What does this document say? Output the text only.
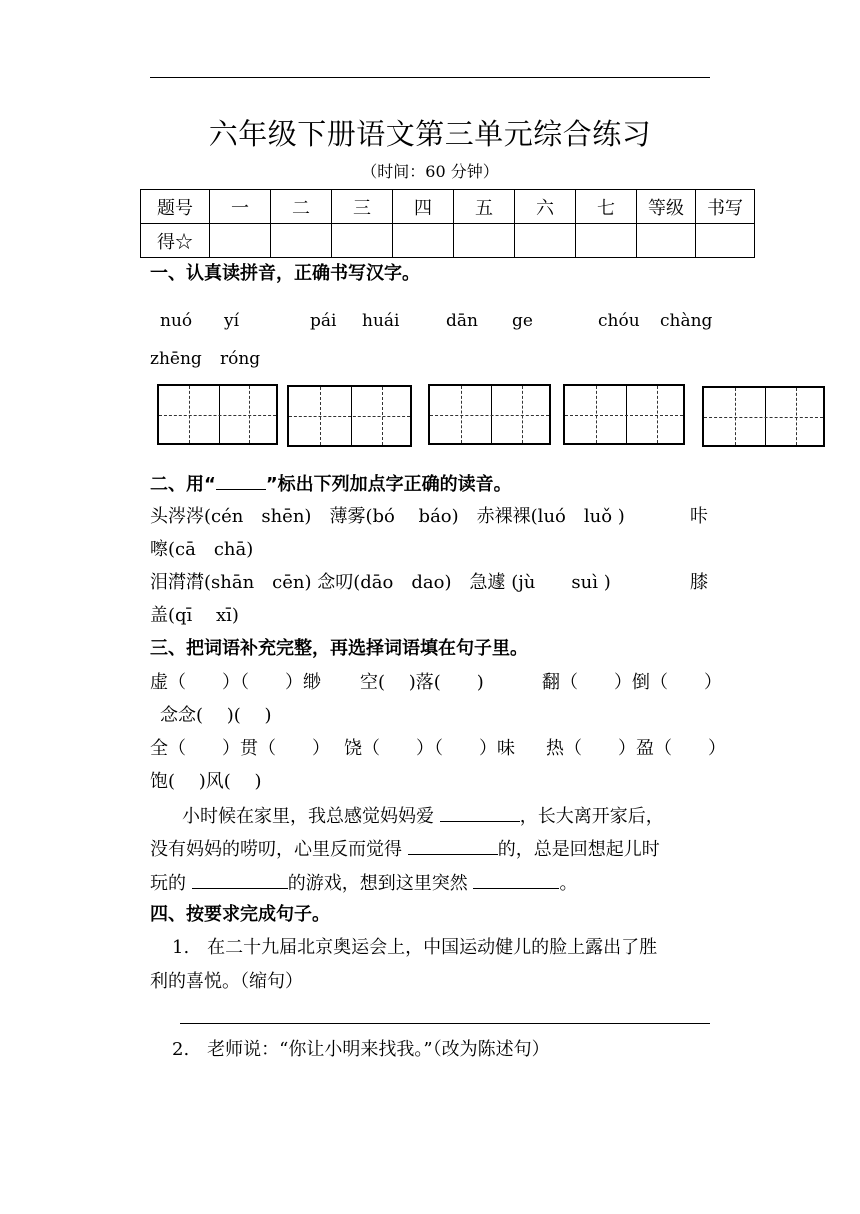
六年级下册语文第三单元综合练习
（时间：60 分钟）
题号	一	二	三	四	五	六	七	等级	书写
得☆									
一、认真读拼音，正确书写汉字。
nuó yí	pái huái	dān ge	chóu chàng
zhēng róng
二、用“	”标出下列加点字正确的读音。
头涔涔(cén　shēn)　薄雾(bó　 báo)　赤裸裸(luó　luǒ )	咔
嚓(cā　chā)
泪潸潸(shān　cēn) 念叨(dāo　dao)　急遽 (jù　　suì )	膝
盖(qī　 xī)
三、把词语补充完整，再选择词语填在句子里。
虚（　　）（　　）缈 空(　 )落(　　)	翻（　　）倒（　　）
念念(　 )(　 )
全（　　）贯（　　） 饶（　　）（　　）味 热（　　）盈（　　）
饱(　 )风(　 )
小时候在家里，我总感觉妈妈爱	，长大离开家后，
没有妈妈的唠叨，心里反而觉得	的，总是回想起儿时
玩的	的游戏，想到这里突然	。
四、按要求完成句子。
1.　在二十九届北京奥运会上，中国运动健儿的脸上露出了胜
利的喜悦。（缩句）
2.　老师说：“你让小明来找我。”（改为陈述句）
